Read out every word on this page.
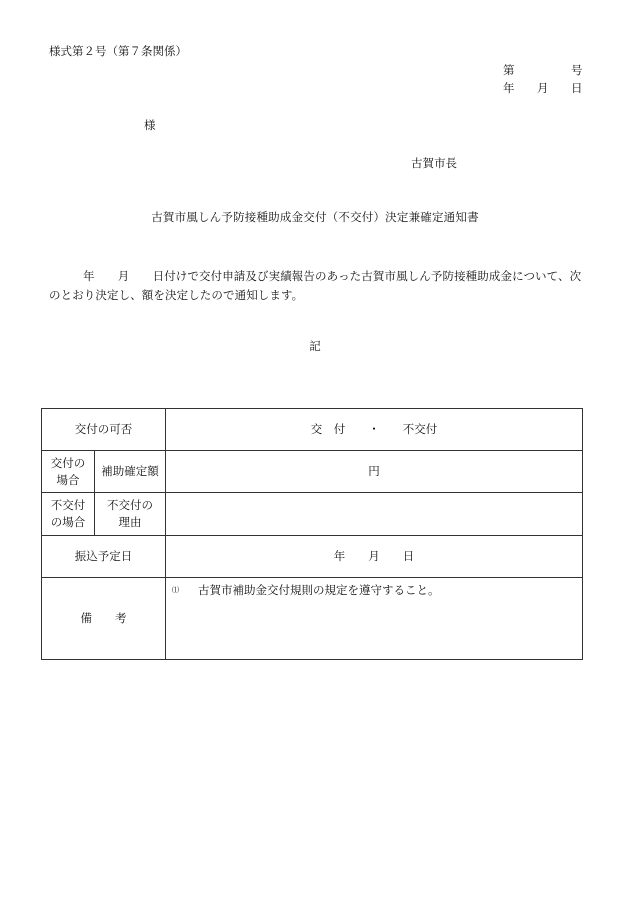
様式第２号（第７条関係）
第	号
年 月 日
様
古賀市長
古賀市風しん予防接種助成金交付（不交付）決定兼確定通知書
年　　月　　日付けで交付申請及び実績報告のあった古賀市風しん予防接種助成金について、次のとおり決定し、額を決定したので通知します。
記
交付の可否		交　付　　・　　不交付
交付の場合	補助確定額	円
不交付の場合	不交付の理由	
振込予定日		年　　月　　日
備　　考		⑴ 古賀市補助金交付規則の規定を遵守すること。
